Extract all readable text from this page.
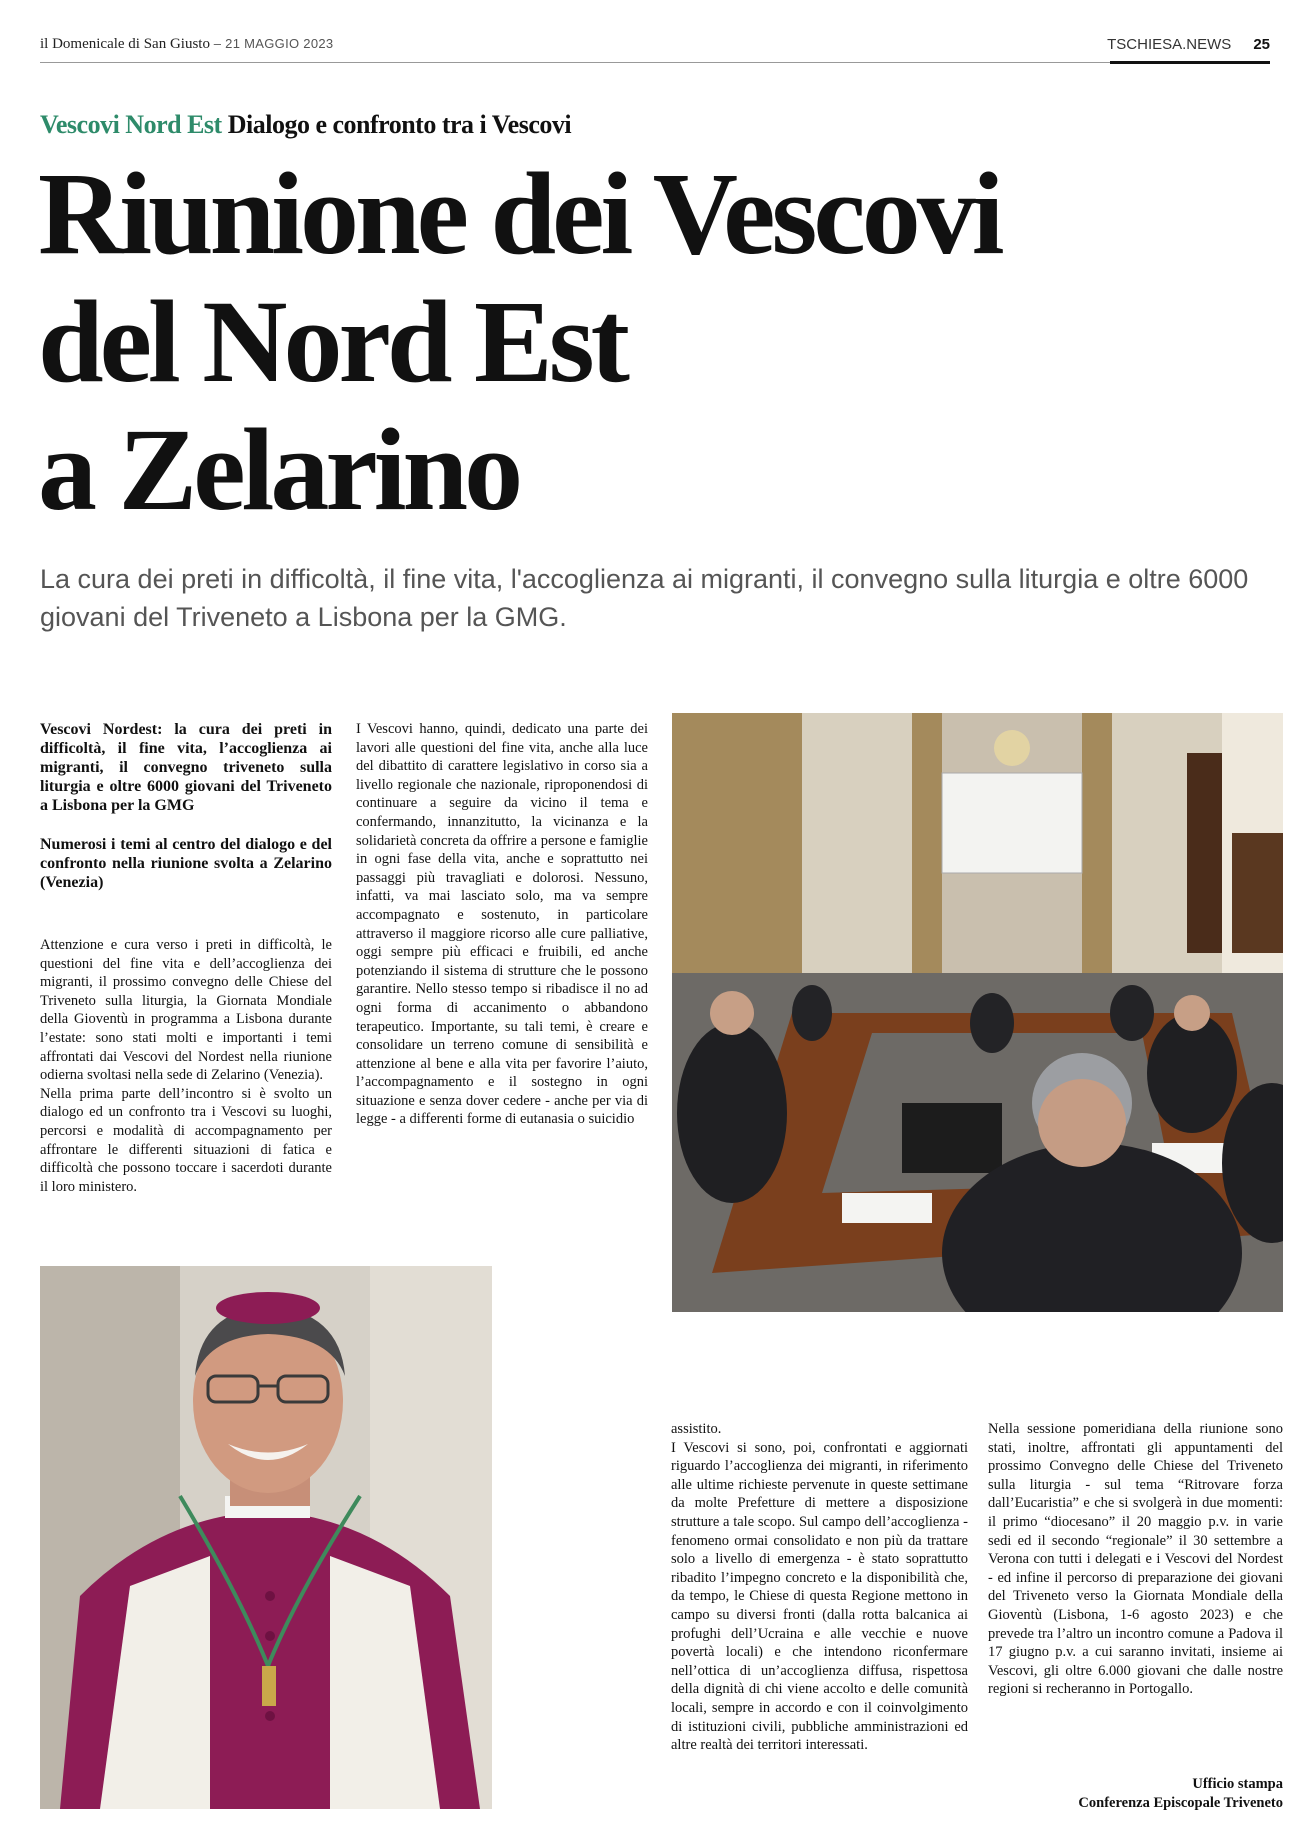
il Domenicale di San Giusto – 21 MAGGIO 2023	TSCHIESA.NEWS 25
Vescovi Nord Est Dialogo e confronto tra i Vescovi
Riunione dei Vescovi
del Nord Est
a Zelarino
La cura dei preti in difficoltà, il fine vita, l'accoglienza ai migranti, il convegno sulla liturgia e oltre 6000 giovani del Triveneto a Lisbona per la GMG.

Vescovi Nordest: la cura dei preti in difficoltà, il fine vita, l’accoglienza ai migranti, il convegno triveneto sulla liturgia e oltre 6000 giovani del Triveneto a Lisbona per la GMG

Numerosi i temi al centro del dialogo e del confronto nella riunione svolta a Zelarino (Venezia)

Attenzione e cura verso i preti in difficoltà, le questioni del fine vita e dell’accoglienza dei migranti, il prossimo convegno delle Chiese del Triveneto sulla liturgia, la Giornata Mondiale della Gioventù in programma a Lisbona durante l’estate: sono stati molti e importanti i temi affrontati dai Vescovi del Nordest nella riunione odierna svoltasi nella sede di Zelarino (Venezia).

Nella prima parte dell’incontro si è svolto un dialogo ed un confronto tra i Vescovi su luoghi, percorsi e modalità di accompagnamento per affrontare le differenti situazioni di fatica e difficoltà che possono toccare i sacerdoti durante il loro ministero.

I Vescovi hanno, quindi, dedicato una parte dei lavori alle questioni del fine vita, anche alla luce del dibattito di carattere legislativo in corso sia a livello regionale che nazionale, riproponendosi di continuare a seguire da vicino il tema e confermando, innanzitutto, la vicinanza e la solidarietà concreta da offrire a persone e famiglie in ogni fase della vita, anche e soprattutto nei passaggi più travagliati e dolorosi. Nessuno, infatti, va mai lasciato solo, ma va sempre accompagnato e sostenuto, in particolare attraverso il maggiore ricorso alle cure palliative, oggi sempre più efficaci e fruibili, ed anche potenziando il sistema di strutture che le possono garantire. Nello stesso tempo si ribadisce il no ad ogni forma di accanimento o abbandono terapeutico. Importante, su tali temi, è creare e consolidare un terreno comune di sensibilità e attenzione al bene e alla vita per favorire l’aiuto, l’accompagnamento e il sostegno in ogni situazione e senza dover cedere - anche per via di legge - a differenti forme di eutanasia o suicidio

assistito.

I Vescovi si sono, poi, confrontati e aggiornati riguardo l’accoglienza dei migranti, in riferimento alle ultime richieste pervenute in queste settimane da molte Prefetture di mettere a disposizione strutture a tale scopo. Sul campo dell’accoglienza - fenomeno ormai consolidato e non più da trattare solo a livello di emergenza - è stato soprattutto ribadito l’impegno concreto e la disponibilità che, da tempo, le Chiese di questa Regione mettono in campo su diversi fronti (dalla rotta balcanica ai profughi dell’Ucraina e alle vecchie e nuove povertà locali) e che intendono riconfermare nell’ottica di un’accoglienza diffusa, rispettosa della dignità di chi viene accolto e delle comunità locali, sempre in accordo e con il coinvolgimento di istituzioni civili, pubbliche amministrazioni ed altre realtà dei territori interessati.

Nella sessione pomeridiana della riunione sono stati, inoltre, affrontati gli appuntamenti del prossimo Convegno delle Chiese del Triveneto sulla liturgia - sul tema “Ritrovare forza dall’Eucaristia” e che si svolgerà in due momenti: il primo “diocesano” il 20 maggio p.v. in varie sedi ed il secondo “regionale” il 30 settembre a Verona con tutti i delegati e i Vescovi del Nordest - ed infine il percorso di preparazione dei giovani del Triveneto verso la Giornata Mondiale della Gioventù (Lisbona, 1-6 agosto 2023) e che prevede tra l’altro un incontro comune a Padova il 17 giugno p.v. a cui saranno invitati, insieme ai Vescovi, gli oltre 6.000 giovani che dalle nostre regioni si recheranno in Portogallo.

Ufficio stampa
Conferenza Episcopale Triveneto
